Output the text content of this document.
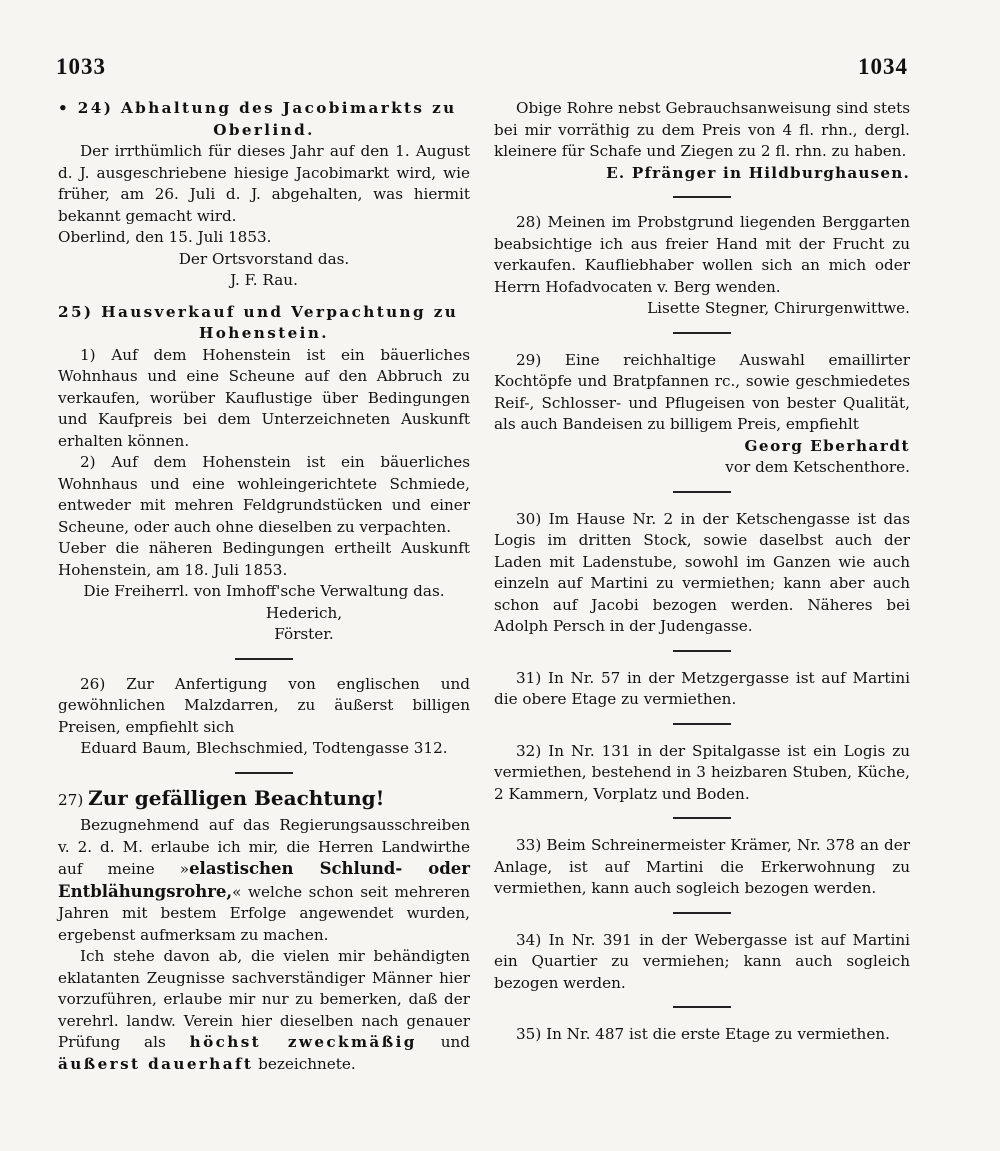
1033	1034

• 24) Abhaltung des Jacobimarkts zu

Oberlind.

Der irrthümlich für dieses Jahr auf den 1. August d. J. ausgeschriebene hiesige Jacobimarkt wird, wie früher, am 26. Juli d. J. abgehalten, was hiermit bekannt gemacht wird.

Oberlind, den 15. Juli 1853.

Der Ortsvorstand das.

J. F. Rau.

25) Hausverkauf und Verpachtung zu

Hohenstein.

1) Auf dem Hohenstein ist ein bäuerliches Wohnhaus und eine Scheune auf den Abbruch zu verkaufen, worüber Kauflustige über Bedingungen und Kaufpreis bei dem Unterzeichneten Auskunft erhalten können.

2) Auf dem Hohenstein ist ein bäuerliches Wohnhaus und eine wohleingerichtete Schmiede, entweder mit mehren Feldgrundstücken und einer Scheune, oder auch ohne dieselben zu verpachten.

Ueber die näheren Bedingungen ertheilt Auskunft Hohenstein, am 18. Juli 1853.

Die Freiherrl. von Imhoff'sche Verwaltung das.

Hederich,

Förster.

26) Zur Anfertigung von englischen und gewöhnlichen Malzdarren, zu äußerst billigen Preisen, empfiehlt sich

Eduard Baum, Blechschmied, Todtengasse 312.

27) Zur gefälligen Beachtung!

Bezugnehmend auf das Regierungsausschreiben v. 2. d. M. erlaube ich mir, die Herren Landwirthe auf meine »elastischen Schlund- oder Entblähungsrohre,« welche schon seit mehreren Jahren mit bestem Erfolge angewendet wurden, ergebenst aufmerksam zu machen.

Ich stehe davon ab, die vielen mir behändigten eklatanten Zeugnisse sachverständiger Männer hier vorzuführen, erlaube mir nur zu bemerken, daß der verehrl. landw. Verein hier dieselben nach genauer Prüfung als höchst zweckmäßig und äußerst dauerhaft bezeichnete.

Obige Rohre nebst Gebrauchsanweisung sind stets bei mir vorräthig zu dem Preis von 4 fl. rhn., dergl. kleinere für Schafe und Ziegen zu 2 fl. rhn. zu haben.

E. Pfränger in Hildburghausen.

28) Meinen im Probstgrund liegenden Berggarten beabsichtige ich aus freier Hand mit der Frucht zu verkaufen. Kaufliebhaber wollen sich an mich oder Herrn Hofadvocaten v. Berg wenden.

Lisette Stegner, Chirurgenwittwe.

29) Eine reichhaltige Auswahl emaillirter Kochtöpfe und Bratpfannen rc., sowie geschmiedetes Reif-, Schlosser- und Pflugeisen von bester Qualität, als auch Bandeisen zu billigem Preis, empfiehlt

Georg Eberhardt

vor dem Ketschenthore.

30) Im Hause Nr. 2 in der Ketschengasse ist das Logis im dritten Stock, sowie daselbst auch der Laden mit Ladenstube, sowohl im Ganzen wie auch einzeln auf Martini zu vermiethen; kann aber auch schon auf Jacobi bezogen werden. Näheres bei Adolph Persch in der Judengasse.

31) In Nr. 57 in der Metzgergasse ist auf Martini die obere Etage zu vermiethen.

32) In Nr. 131 in der Spitalgasse ist ein Logis zu vermiethen, bestehend in 3 heizbaren Stuben, Küche, 2 Kammern, Vorplatz und Boden.

33) Beim Schreinermeister Krämer, Nr. 378 an der Anlage, ist auf Martini die Erkerwohnung zu vermiethen, kann auch sogleich bezogen werden.

34) In Nr. 391 in der Webergasse ist auf Martini ein Quartier zu vermiehen; kann auch sogleich bezogen werden.

35) In Nr. 487 ist die erste Etage zu vermiethen.
